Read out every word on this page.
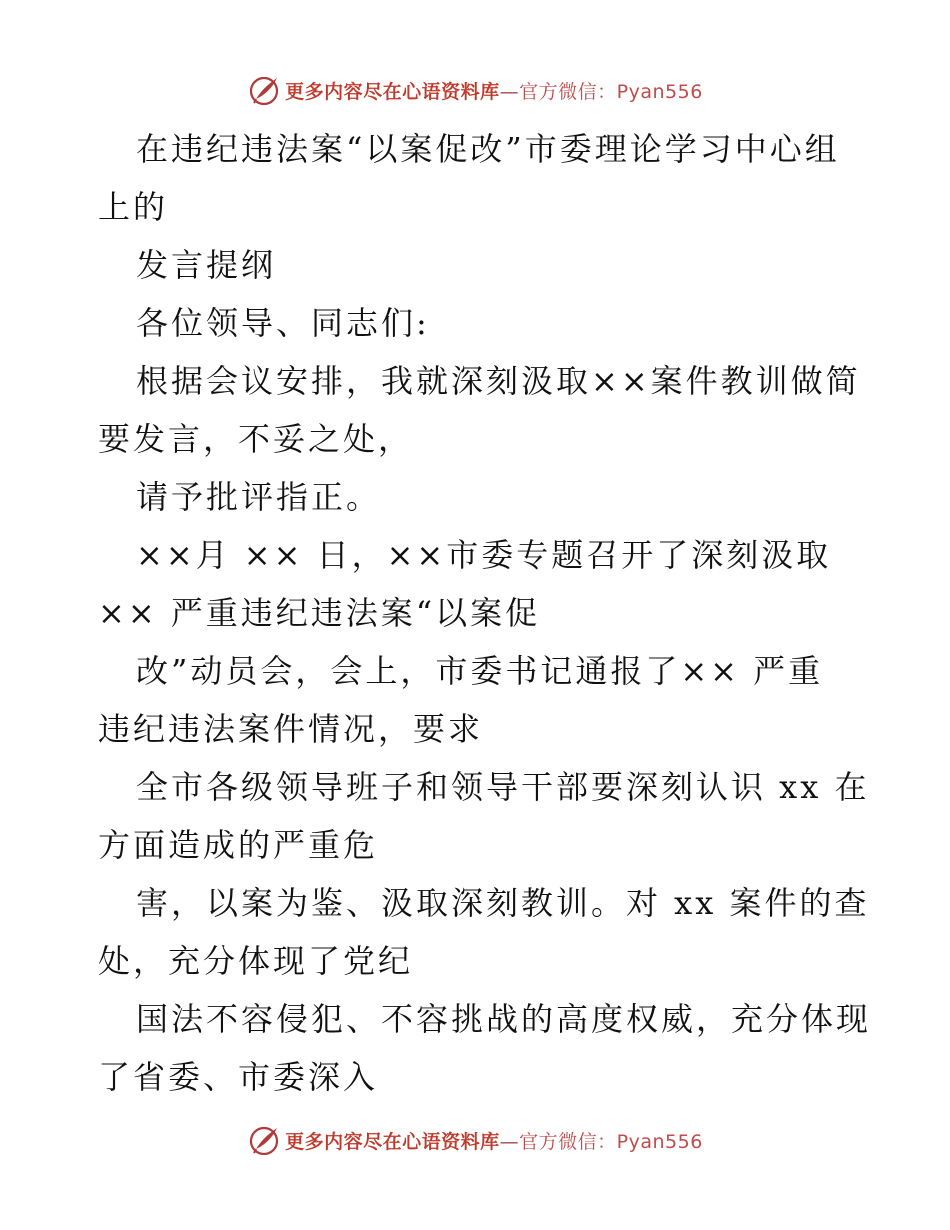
更多内容尽在心语资料库—官方微信：Pyan556

在违纪违法案“以案促改”市委理论学习中心组

上的

发言提纲

各位领导、同志们:

根据会议安排，我就深刻汲取××案件教训做简

要发言，不妥之处，

请予批评指正。

××月 ×× 日，××市委专题召开了深刻汲取

×× 严重违纪违法案“以案促

改”动员会，会上，市委书记通报了×× 严重

违纪违法案件情况，要求

全市各级领导班子和领导干部要深刻认识 xx 在

方面造成的严重危

害，以案为鉴、汲取深刻教训。对 xx 案件的查

处，充分体现了党纪

国法不容侵犯、不容挑战的高度权威，充分体现

了省委、市委深入

更多内容尽在心语资料库—官方微信：Pyan556
